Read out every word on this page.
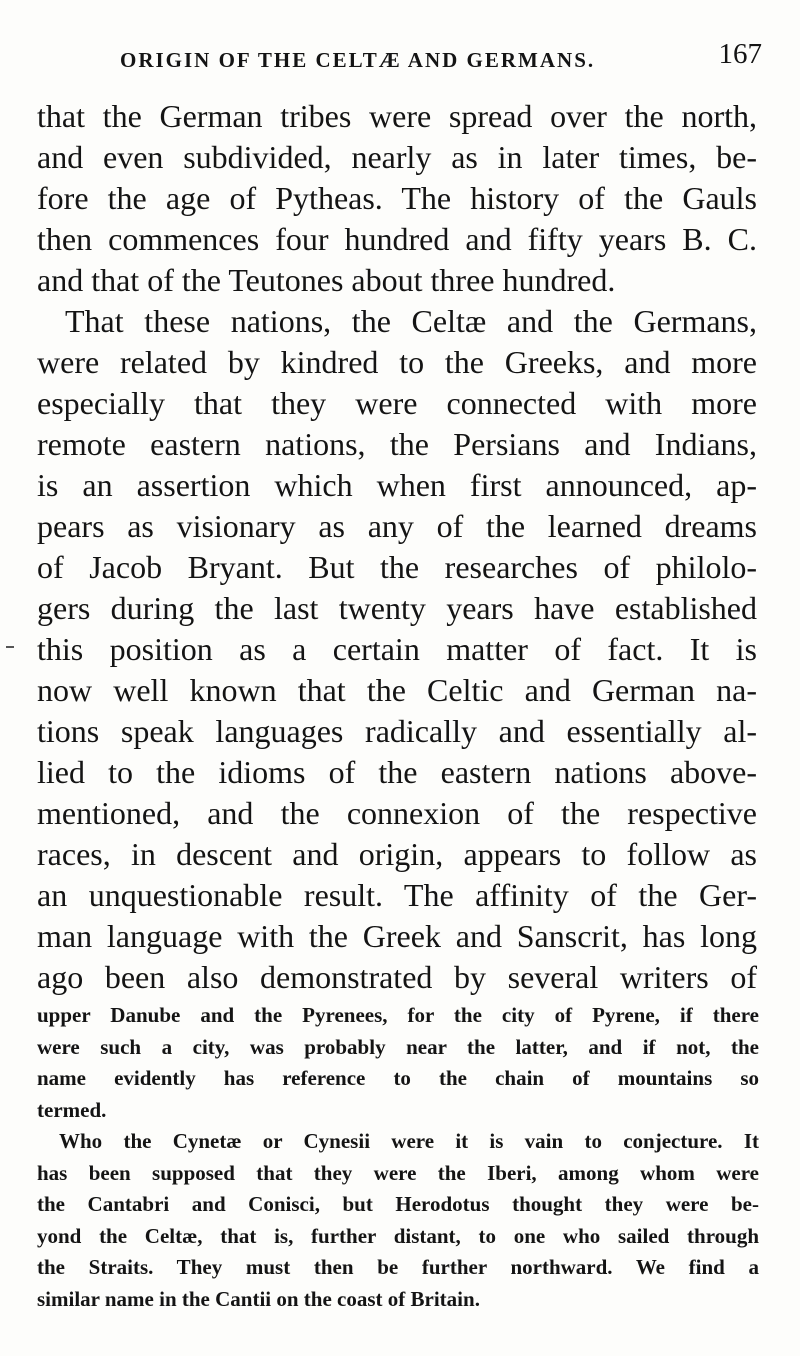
ORIGIN OF THE CELTÆ AND GERMANS.	167
that the German tribes were spread over the north,
and even subdivided, nearly as in later times, be-
fore the age of Pytheas. The history of the Gauls
then commences four hundred and fifty years B. C.
and that of the Teutones about three hundred.
That these nations, the Celtæ and the Germans,
were related by kindred to the Greeks, and more
especially that they were connected with more
remote eastern nations, the Persians and Indians,
is an assertion which when first announced, ap-
pears as visionary as any of the learned dreams
of Jacob Bryant. But the researches of philolo-
gers during the last twenty years have established
this position as a certain matter of fact. It is
now well known that the Celtic and German na-
tions speak languages radically and essentially al-
lied to the idioms of the eastern nations above-
mentioned, and the connexion of the respective
races, in descent and origin, appears to follow as
an unquestionable result. The affinity of the Ger-
man language with the Greek and Sanscrit, has long
ago been also demonstrated by several writers of
upper Danube and the Pyrenees, for the city of Pyrene, if there
were such a city, was probably near the latter, and if not, the
name evidently has reference to the chain of mountains so
termed.
Who the Cynetæ or Cynesii were it is vain to conjecture. It
has been supposed that they were the Iberi, among whom were
the Cantabri and Conisci, but Herodotus thought they were be-
yond the Celtæ, that is, further distant, to one who sailed through
the Straits. They must then be further northward. We find a
similar name in the Cantii on the coast of Britain.
